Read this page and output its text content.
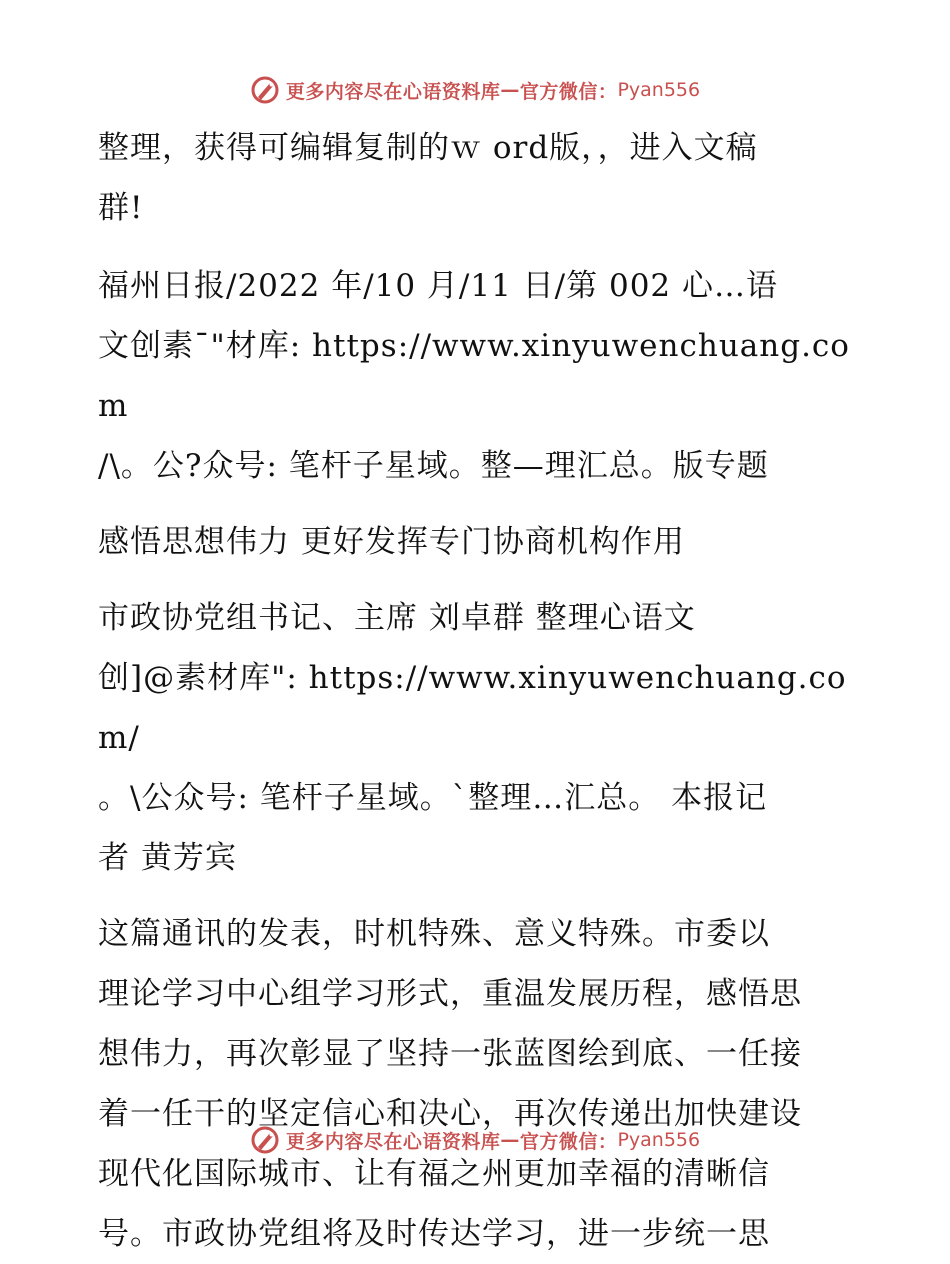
更多内容尽在心语资料库 — 官方微信： Pyan556

整理，获得可编辑复制的ｗ ord版，，进入文稿

群!

福州日报/2022 年/10 月/11 日/第 002 心…语

文创素¯"材库: https://www.xinyuwenchuang.com

/\。公?众号: 笔杆子星域。整—理汇总。版专题

感悟思想伟力 更好发挥专门协商机构作用

市政协党组书记、主席 刘卓群 整理心语文

创]@素材库": https://www.xinyuwenchuang.com/

。\公众号: 笔杆子星域。`整理…汇总。 本报记

者 黄芳宾

这篇通讯的发表，时机特殊、意义特殊。市委以

理论学习中心组学习形式，重温发展历程，感悟思

想伟力，再次彰显了坚持一张蓝图绘到底、一任接

着一任干的坚定信心和决心，再次传递出加快建设

现代化国际城市、让有福之州更加幸福的清晰信

号。市政协党组将及时传达学习，进一步统一思

更多内容尽在心语资料库 — 官方微信： Pyan556
